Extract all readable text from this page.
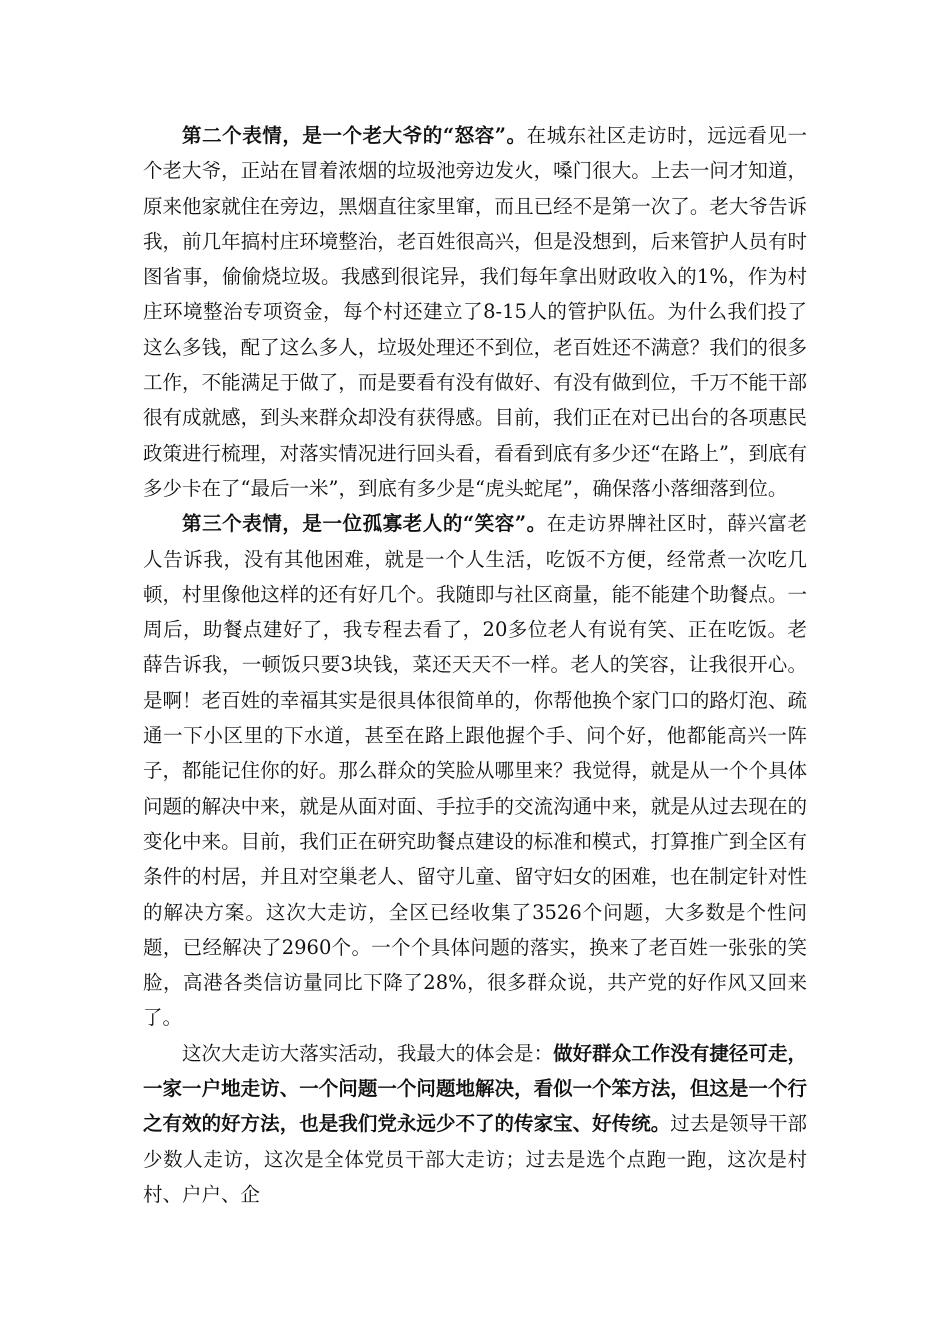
第二个表情，是一个老大爷的“怒容”。在城东社区走访时，远远看见一个老大爷，正站在冒着浓烟的垃圾池旁边发火，嗓门很大。上去一问才知道，原来他家就住在旁边，黑烟直往家里窜，而且已经不是第一次了。老大爷告诉我，前几年搞村庄环境整治，老百姓很高兴，但是没想到，后来管护人员有时图省事，偷偷烧垃圾。我感到很诧异，我们每年拿出财政收入的1%，作为村庄环境整治专项资金，每个村还建立了8-15人的管护队伍。为什么我们投了这么多钱，配了这么多人，垃圾处理还不到位，老百姓还不满意？我们的很多工作，不能满足于做了，而是要看有没有做好、有没有做到位，千万不能干部很有成就感，到头来群众却没有获得感。目前，我们正在对已出台的各项惠民政策进行梳理，对落实情况进行回头看，看看到底有多少还“在路上”，到底有多少卡在了“最后一米”，到底有多少是“虎头蛇尾”，确保落小落细落到位。

第三个表情，是一位孤寡老人的“笑容”。在走访界牌社区时，薛兴富老人告诉我，没有其他困难，就是一个人生活，吃饭不方便，经常煮一次吃几顿，村里像他这样的还有好几个。我随即与社区商量，能不能建个助餐点。一周后，助餐点建好了，我专程去看了，20多位老人有说有笑、正在吃饭。老薛告诉我，一顿饭只要3块钱，菜还天天不一样。老人的笑容，让我很开心。是啊！老百姓的幸福其实是很具体很简单的，你帮他换个家门口的路灯泡、疏通一下小区里的下水道，甚至在路上跟他握个手、问个好，他都能高兴一阵子，都能记住你的好。那么群众的笑脸从哪里来？我觉得，就是从一个个具体问题的解决中来，就是从面对面、手拉手的交流沟通中来，就是从过去现在的变化中来。目前，我们正在研究助餐点建设的标准和模式，打算推广到全区有条件的村居，并且对空巢老人、留守儿童、留守妇女的困难，也在制定针对性的解决方案。这次大走访，全区已经收集了3526个问题，大多数是个性问题，已经解决了2960个。一个个具体问题的落实，换来了老百姓一张张的笑脸，高港各类信访量同比下降了28%，很多群众说，共产党的好作风又回来了。

这次大走访大落实活动，我最大的体会是：做好群众工作没有捷径可走，一家一户地走访、一个问题一个问题地解决，看似一个笨方法，但这是一个行之有效的好方法，也是我们党永远少不了的传家宝、好传统。过去是领导干部少数人走访，这次是全体党员干部大走访；过去是选个点跑一跑，这次是村村、户户、企
